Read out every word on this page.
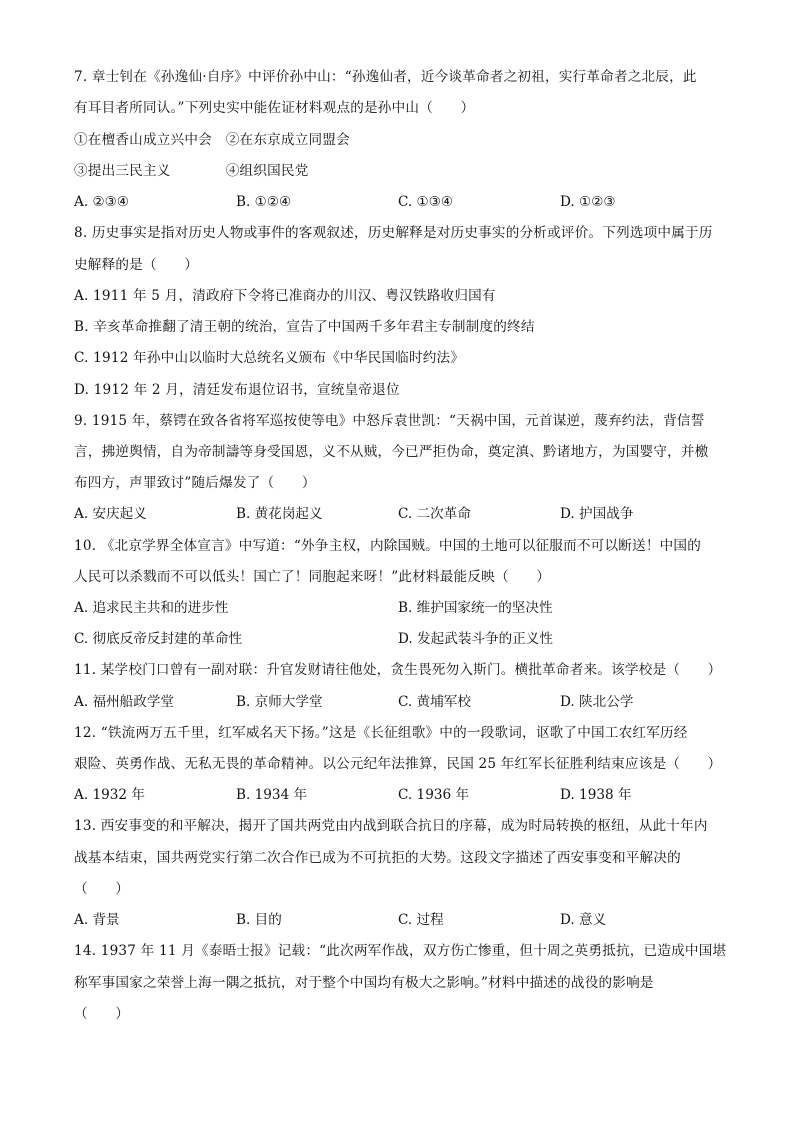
7. 章士钊在《孙逸仙·自序》中评价孙中山：“孙逸仙者，近今谈革命者之初祖，实行革命者之北辰，此
有耳目者所同认。”下列史实中能佐证材料观点的是孙中山（　　）
①在檀香山成立兴中会　②在东京成立同盟会
③提出三民主义　　　　④组织国民党
A. ②③④	B. ①②④	C. ①③④	D. ①②③
8. 历史事实是指对历史人物或事件的客观叙述，历史解释是对历史事实的分析或评价。下列选项中属于历
史解释的是（　　）
A. 1911 年 5 月，清政府下令将已准商办的川汉、粤汉铁路收归国有
B. 辛亥革命推翻了清王朝的统治，宣告了中国两千多年君主专制制度的终结
C. 1912 年孙中山以临时大总统名义颁布《中华民国临时约法》
D. 1912 年 2 月，清廷发布退位诏书，宣统皇帝退位
9. 1915 年，蔡锷在致各省将军巡按使等电》中怒斥袁世凯：“天祸中国，元首谋逆，蔑弃约法，背信誓
言，拂逆舆情，自为帝制譸等身受国恩，义不从贼，今已严拒伪命，奠定滇、黔诸地方，为国婴守，并檄
布四方，声罪致讨”随后爆发了（　　）
A. 安庆起义	B. 黄花岗起义	C. 二次革命	D. 护国战争
10. 《北京学界全体宣言》中写道：“外争主权，内除国贼。中国的土地可以征服而不可以断送！中国的
人民可以杀戮而不可以低头！国亡了！同胞起来呀！”此材料最能反映（　　）
A. 追求民主共和的进步性	B. 维护国家统一的坚决性
C. 彻底反帝反封建的革命性	D. 发起武装斗争的正义性
11. 某学校门口曾有一副对联：升官发财请往他处，贪生畏死勿入斯门。横批革命者来。该学校是（　　）
A. 福州船政学堂	B. 京师大学堂	C. 黄埔军校	D. 陕北公学
12. “铁流两万五千里，红军威名天下扬。”这是《长征组歌》中的一段歌词，讴歌了中国工农红军历经
艰险、英勇作战、无私无畏的革命精神。以公元纪年法推算，民国 25 年红军长征胜利结束应该是（　　）
A. 1932 年	B. 1934 年	C. 1936 年	D. 1938 年
13. 西安事变的和平解决，揭开了国共两党由内战到联合抗日的序幕，成为时局转换的枢纽，从此十年内
战基本结束，国共两党实行第二次合作已成为不可抗拒的大势。这段文字描述了西安事变和平解决的
（　　）
A. 背景	B. 目的	C. 过程	D. 意义
14. 1937 年 11 月《泰晤士报》记载：“此次两军作战，双方伤亡惨重，但十周之英勇抵抗，已造成中国堪
称军事国家之荣誉上海一隅之抵抗，对于整个中国均有极大之影响。”材料中描述的战役的影响是
（　　）
